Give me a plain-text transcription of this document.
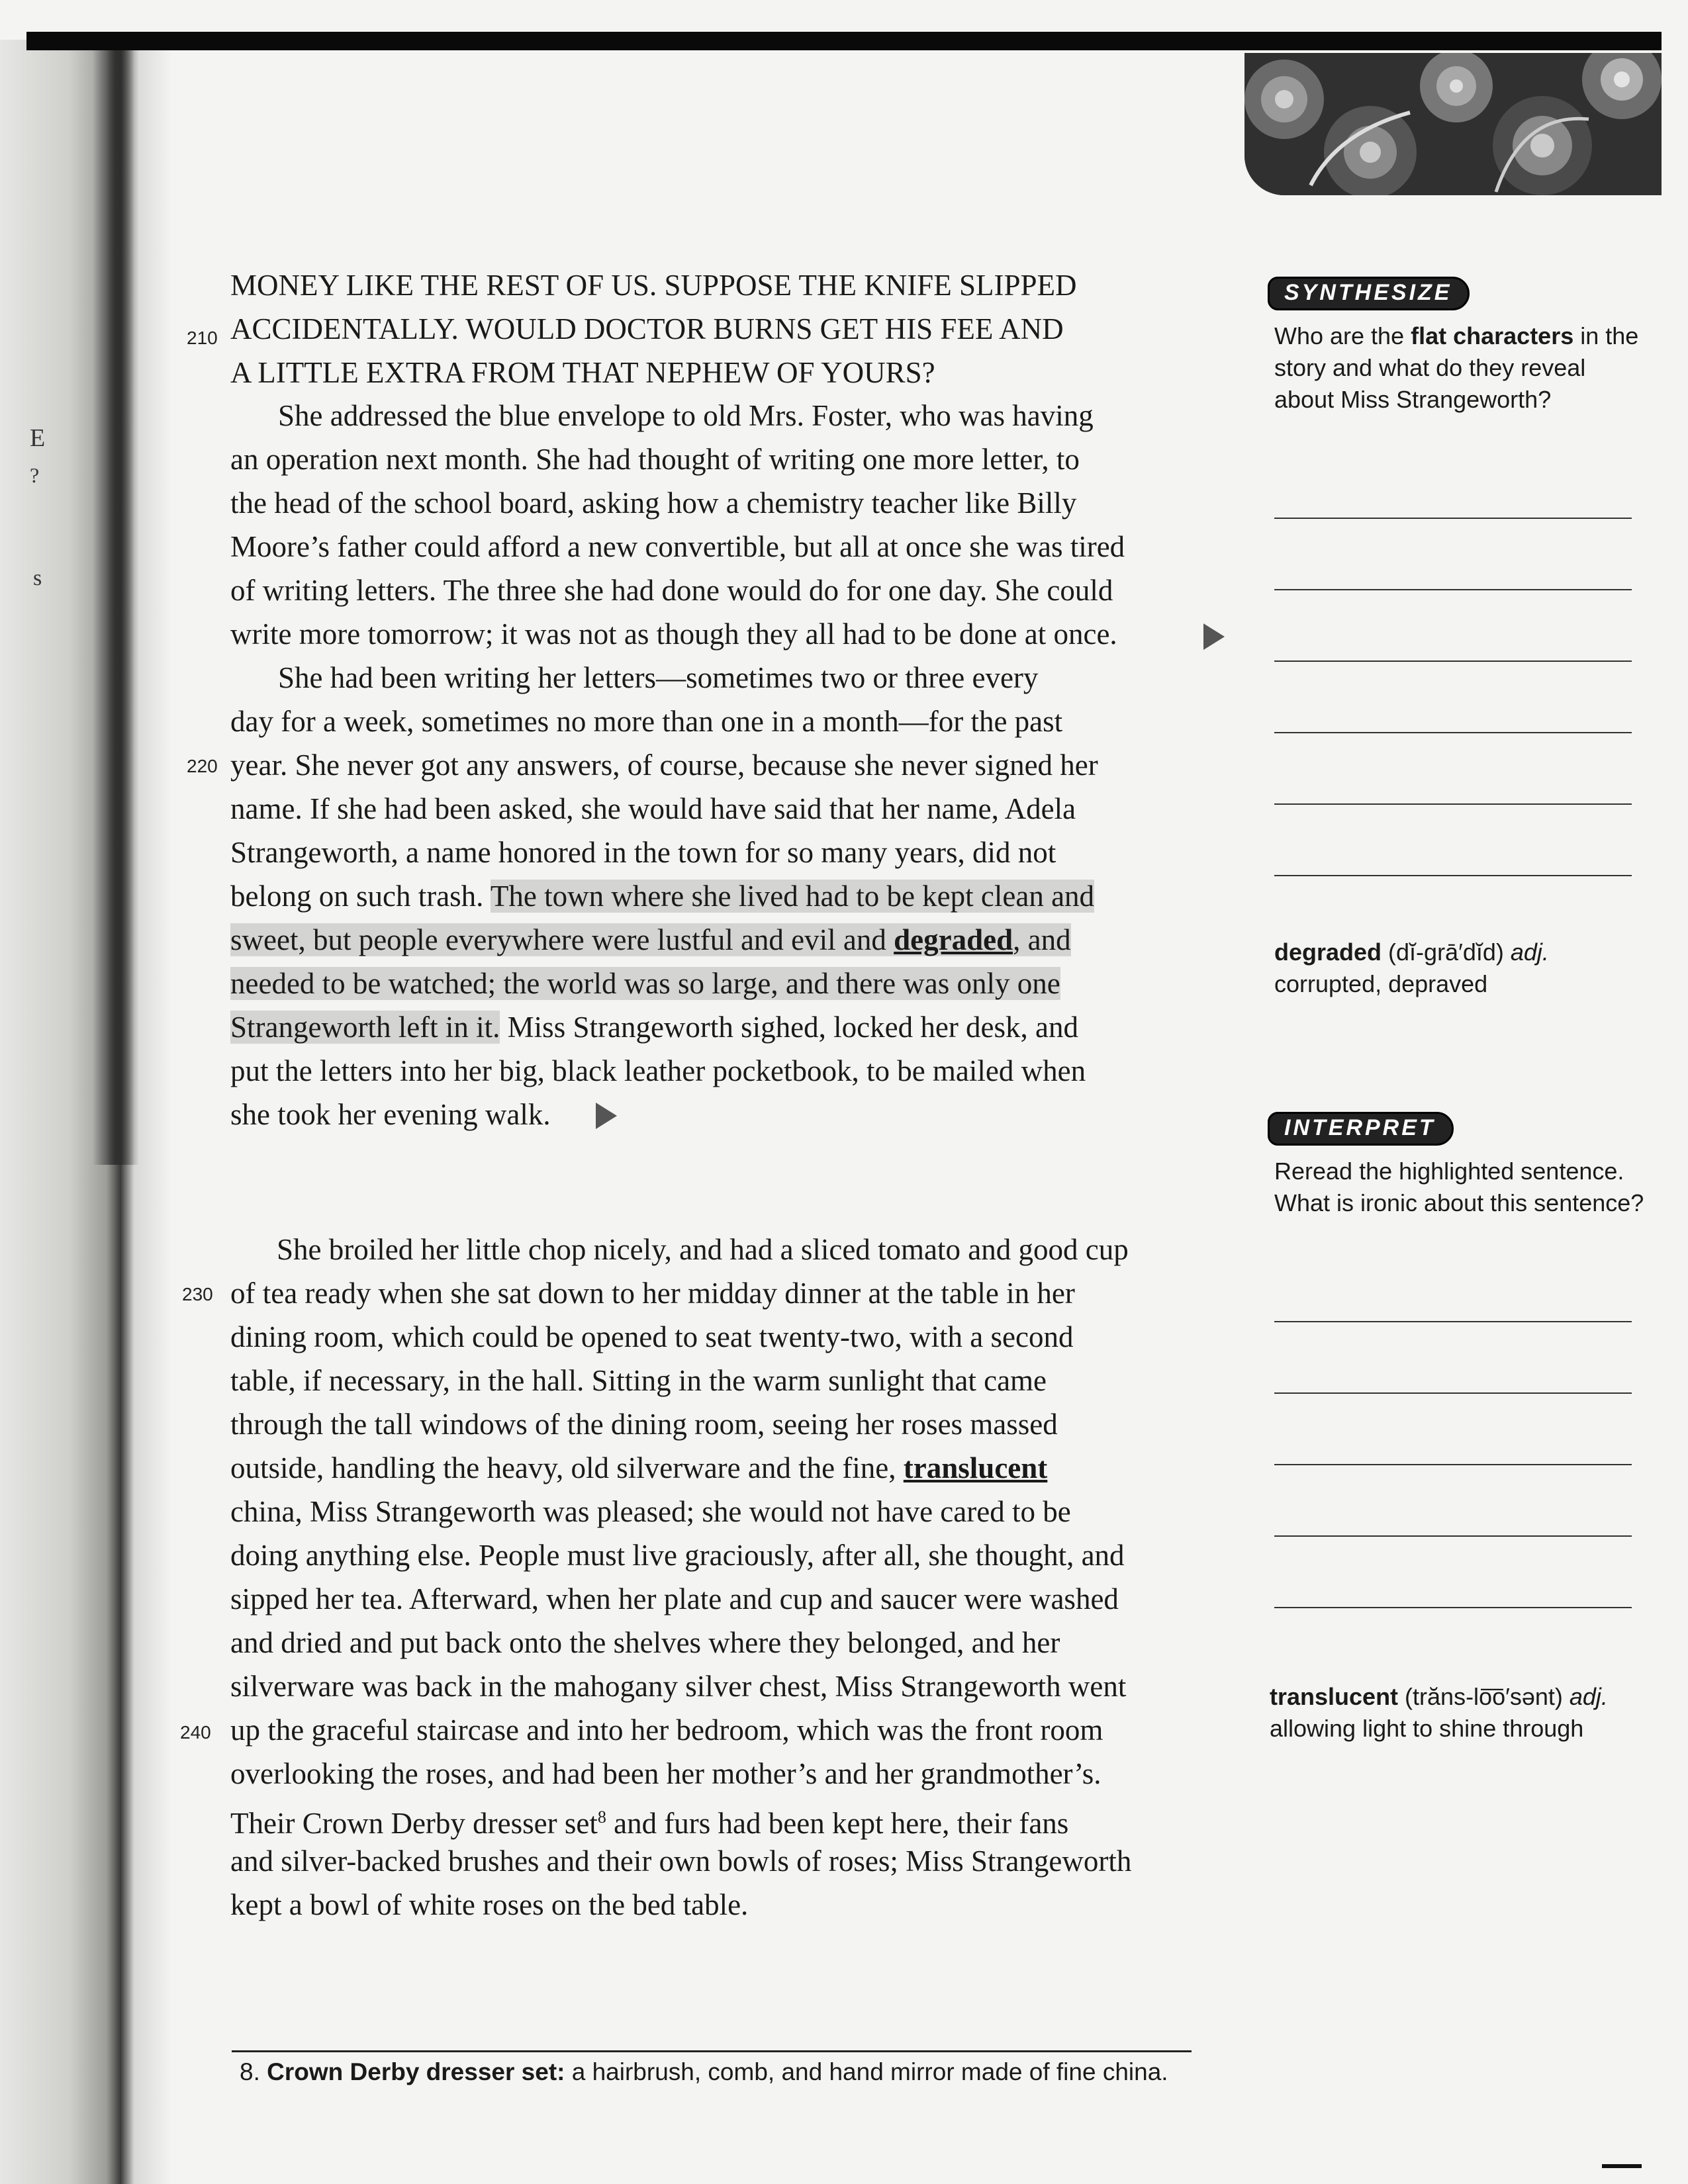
E
?
s
MONEY LIKE THE REST OF US. SUPPOSE THE KNIFE SLIPPED
210 ACCIDENTALLY. WOULD DOCTOR BURNS GET HIS FEE AND
A LITTLE EXTRA FROM THAT NEPHEW OF YOURS?
She addressed the blue envelope to old Mrs. Foster, who was having
an operation next month. She had thought of writing one more letter, to
the head of the school board, asking how a chemistry teacher like Billy
Moore’s father could afford a new convertible, but all at once she was tired
of writing letters. The three she had done would do for one day. She could
write more tomorrow; it was not as though they all had to be done at once.
She had been writing her letters—sometimes two or three every
day for a week, sometimes no more than one in a month—for the past
220 year. She never got any answers, of course, because she never signed her
name. If she had been asked, she would have said that her name, Adela
Strangeworth, a name honored in the town for so many years, did not
belong on such trash. The town where she lived had to be kept clean and
sweet, but people everywhere were lustful and evil and degraded, and
needed to be watched; the world was so large, and there was only one
Strangeworth left in it. Miss Strangeworth sighed, locked her desk, and
put the letters into her big, black leather pocketbook, to be mailed when
she took her evening walk.
She broiled her little chop nicely, and had a sliced tomato and good cup
230 of tea ready when she sat down to her midday dinner at the table in her
dining room, which could be opened to seat twenty-two, with a second
table, if necessary, in the hall. Sitting in the warm sunlight that came
through the tall windows of the dining room, seeing her roses massed
outside, handling the heavy, old silverware and the fine, translucent
china, Miss Strangeworth was pleased; she would not have cared to be
doing anything else. People must live graciously, after all, she thought, and
sipped her tea. Afterward, when her plate and cup and saucer were washed
and dried and put back onto the shelves where they belonged, and her
silverware was back in the mahogany silver chest, Miss Strangeworth went
240 up the graceful staircase and into her bedroom, which was the front room
overlooking the roses, and had been her mother’s and her grandmother’s.
Their Crown Derby dresser set$^8$ and furs had been kept here, their fans
and silver-backed brushes and their own bowls of roses; Miss Strangeworth
kept a bowl of white roses on the bed table.
SYNTHESIZE
Who are the flat characters in the story and what do they reveal about Miss Strangeworth?
degraded (dĭ-grā′dĭd) adj. corrupted, depraved
INTERPRET
Reread the highlighted sentence. What is ironic about this sentence?
translucent (trăns-lo͞o′sənt) adj. allowing light to shine through
8. Crown Derby dresser set: a hairbrush, comb, and hand mirror made of fine china.
